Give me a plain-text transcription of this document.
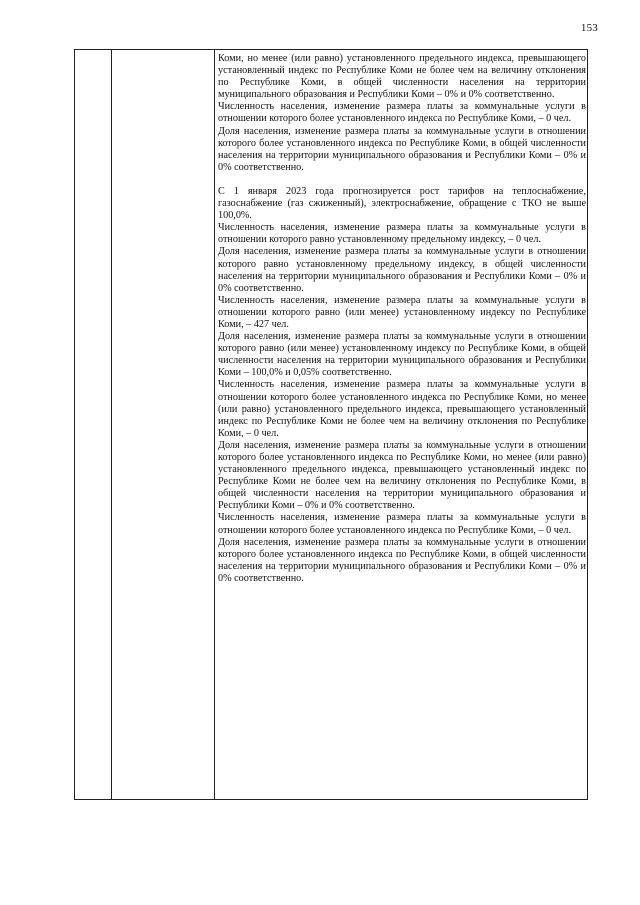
153

Коми, но менее (или равно) установленного предельного индекса, превышающего установленный индекс по Республике Коми не более чем на величину отклонения по Республике Коми, в общей численности населения на территории муниципального образования и Республики Коми – 0% и 0% соответственно.

Численность населения, изменение размера платы за коммунальные услуги в отношении которого более установленного индекса по Республике Коми, – 0 чел.

Доля населения, изменение размера платы за коммунальные услуги в отношении которого более установленного индекса по Республике Коми, в общей численности населения на территории муниципального образования и Республики Коми – 0% и 0% соответственно.

С 1 января 2023 года прогнозируется рост тарифов на теплоснабжение, газоснабжение (газ сжиженный), электроснабжение, обращение с ТКО не выше 100,0%.

Численность населения, изменение размера платы за коммунальные услуги в отношении которого равно установленному предельному индексу, – 0 чел.

Доля населения, изменение размера платы за коммунальные услуги в отношении которого равно установленному предельному индексу, в общей численности населения на территории муниципального образования и Республики Коми – 0% и 0% соответственно.

Численность населения, изменение размера платы за коммунальные услуги в отношении которого равно (или менее) установленному индексу по Республике Коми, – 427 чел.

Доля населения, изменение размера платы за коммунальные услуги в отношении которого равно (или менее) установленному индексу по Республике Коми, в общей численности населения на территории муниципального образования и Республики Коми – 100,0% и 0,05% соответственно.

Численность населения, изменение размера платы за коммунальные услуги в отношении которого более установленного индекса по Республике Коми, но менее (или равно) установленного предельного индекса, превышающего установленный индекс по Республике Коми не более чем на величину отклонения по Республике Коми, – 0 чел.

Доля населения, изменение размера платы за коммунальные услуги в отношении которого более установленного индекса по Республике Коми, но менее (или равно) установленного предельного индекса, превышающего установленный индекс по Республике Коми не более чем на величину отклонения по Республике Коми, в общей численности населения на территории муниципального образования и Республики Коми – 0% и 0% соответственно.

Численность населения, изменение размера платы за коммунальные услуги в отношении которого более установленного индекса по Республике Коми, – 0 чел.

Доля населения, изменение размера платы за коммунальные услуги в отношении которого более установленного индекса по Республике Коми, в общей численности населения на территории муниципального образования и Республики Коми – 0% и 0% соответственно.
